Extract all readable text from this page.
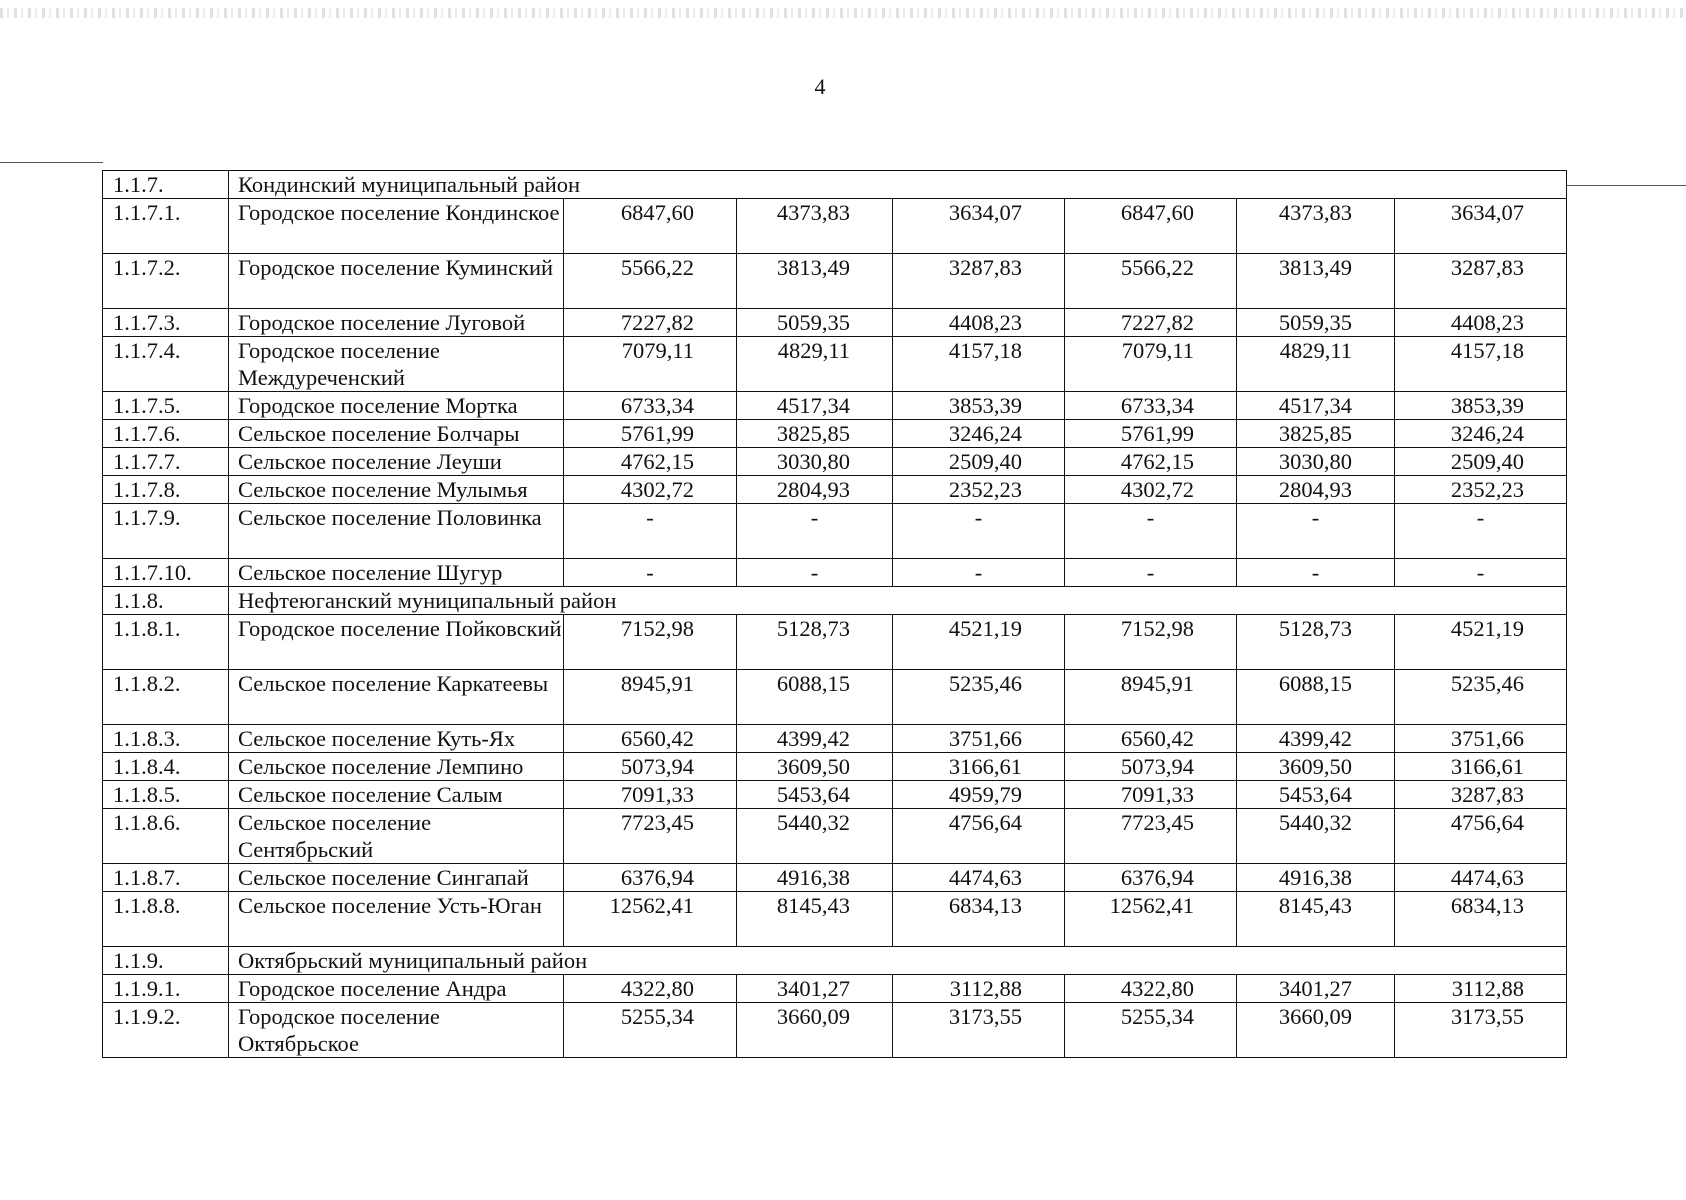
4
1.1.7.	Кондинский муниципальный район						
1.1.7.1.	Городское поселение Кондинское	6847,60	4373,83	3634,07	6847,60	4373,83	3634,07
1.1.7.2.	Городское поселение Куминский	5566,22	3813,49	3287,83	5566,22	3813,49	3287,83
1.1.7.3.	Городское поселение Луговой	7227,82	5059,35	4408,23	7227,82	5059,35	4408,23
1.1.7.4.	Городское поселение Междуреченский	7079,11	4829,11	4157,18	7079,11	4829,11	4157,18
1.1.7.5.	Городское поселение Мортка	6733,34	4517,34	3853,39	6733,34	4517,34	3853,39
1.1.7.6.	Сельское поселение Болчары	5761,99	3825,85	3246,24	5761,99	3825,85	3246,24
1.1.7.7.	Сельское поселение Леуши	4762,15	3030,80	2509,40	4762,15	3030,80	2509,40
1.1.7.8.	Сельское поселение Мулымья	4302,72	2804,93	2352,23	4302,72	2804,93	2352,23
1.1.7.9.	Сельское поселение Половинка	-	-	-	-	-	-
1.1.7.10.	Сельское поселение Шугур	-	-	-	-	-	-
1.1.8.	Нефтеюганский муниципальный район						
1.1.8.1.	Городское поселение Пойковский	7152,98	5128,73	4521,19	7152,98	5128,73	4521,19
1.1.8.2.	Сельское поселение Каркатеевы	8945,91	6088,15	5235,46	8945,91	6088,15	5235,46
1.1.8.3.	Сельское поселение Куть-Ях	6560,42	4399,42	3751,66	6560,42	4399,42	3751,66
1.1.8.4.	Сельское поселение Лемпино	5073,94	3609,50	3166,61	5073,94	3609,50	3166,61
1.1.8.5.	Сельское поселение Салым	7091,33	5453,64	4959,79	7091,33	5453,64	3287,83
1.1.8.6.	Сельское поселение Сентябрьский	7723,45	5440,32	4756,64	7723,45	5440,32	4756,64
1.1.8.7.	Сельское поселение Сингапай	6376,94	4916,38	4474,63	6376,94	4916,38	4474,63
1.1.8.8.	Сельское поселение Усть-Юган	12562,41	8145,43	6834,13	12562,41	8145,43	6834,13
1.1.9.	Октябрьский муниципальный район						
1.1.9.1.	Городское поселение Андра	4322,80	3401,27	3112,88	4322,80	3401,27	3112,88
1.1.9.2.	Городское поселение Октябрьское	5255,34	3660,09	3173,55	5255,34	3660,09	3173,55
